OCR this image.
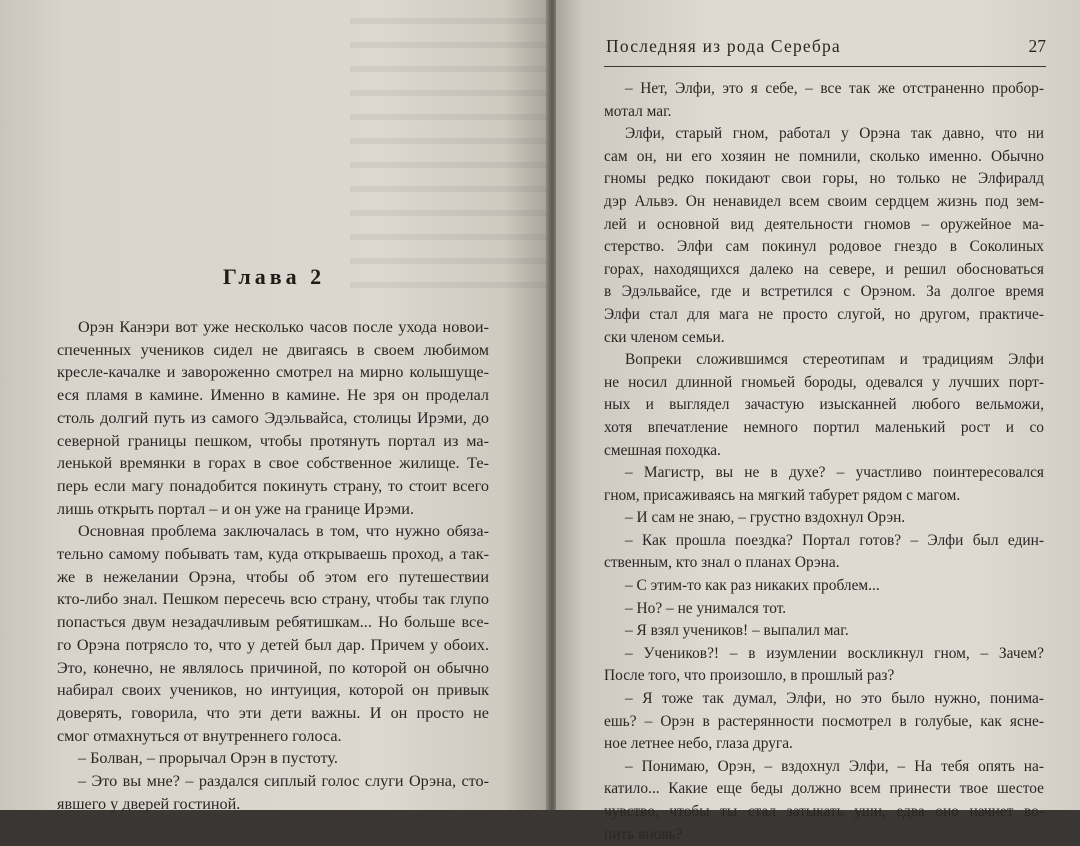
Глава 2
Орэн Канэри вот уже несколько часов после ухода новои-
спеченных учеников сидел не двигаясь в своем любимом
кресле-качалке и завороженно смотрел на мирно колышуще-
еся пламя в камине. Именно в камине. Не зря он проделал
столь долгий путь из самого Эдэльвайса, столицы Ирэми, до
северной границы пешком, чтобы протянуть портал из ма-
ленькой времянки в горах в свое собственное жилище. Те-
перь если магу понадобится покинуть страну, то стоит всего
лишь открыть портал – и он уже на границе Ирэми.
Основная проблема заключалась в том, что нужно обяза-
тельно самому побывать там, куда открываешь проход, а так-
же в нежелании Орэна, чтобы об этом его путешествии
кто-либо знал. Пешком пересечь всю страну, чтобы так глупо
попасться двум незадачливым ребятишкам... Но больше все-
го Орэна потрясло то, что у детей был дар. Причем у обоих.
Это, конечно, не являлось причиной, по которой он обычно
набирал своих учеников, но интуиция, которой он привык
доверять, говорила, что эти дети важны. И он просто не
смог отмахнуться от внутреннего голоса.
– Болван, – прорычал Орэн в пустоту.
– Это вы мне? – раздался сиплый голос слуги Орэна, сто-
явшего у дверей гостиной.
Последняя из рода Серебра	27
– Нет, Элфи, это я себе, – все так же отстраненно пробор-
мотал маг.
Элфи, старый гном, работал у Орэна так давно, что ни
сам он, ни его хозяин не помнили, сколько именно. Обычно
гномы редко покидают свои горы, но только не Элфиралд
дэр Альвэ. Он ненавидел всем своим сердцем жизнь под зем-
лей и основной вид деятельности гномов – оружейное ма-
стерство. Элфи сам покинул родовое гнездо в Соколиных
горах, находящихся далеко на севере, и решил обосноваться
в Эдэльвайсе, где и встретился с Орэном. За долгое время
Элфи стал для мага не просто слугой, но другом, практиче-
ски членом семьи.
Вопреки сложившимся стереотипам и традициям Элфи
не носил длинной гномьей бороды, одевался у лучших порт-
ных и выглядел зачастую изысканней любого вельможи,
хотя впечатление немного портил маленький рост и со
смешная походка.
– Магистр, вы не в духе? – участливо поинтересовался
гном, присаживаясь на мягкий табурет рядом с магом.
– И сам не знаю, – грустно вздохнул Орэн.
– Как прошла поездка? Портал готов? – Элфи был един-
ственным, кто знал о планах Орэна.
– С этим-то как раз никаких проблем...
– Но? – не унимался тот.
– Я взял учеников! – выпалил маг.
– Учеников?! – в изумлении воскликнул гном, – Зачем?
После того, что произошло, в прошлый раз?
– Я тоже так думал, Элфи, но это было нужно, понима-
ешь? – Орэн в растерянности посмотрел в голубые, как ясне-
ное летнее небо, глаза друга.
– Понимаю, Орэн, – вздохнул Элфи, – На тебя опять на-
катило... Какие еще беды должно всем принести твое шестое
чувство, чтобы ты стал затыкать уши, едва оно начнет во-
пить вновь?
